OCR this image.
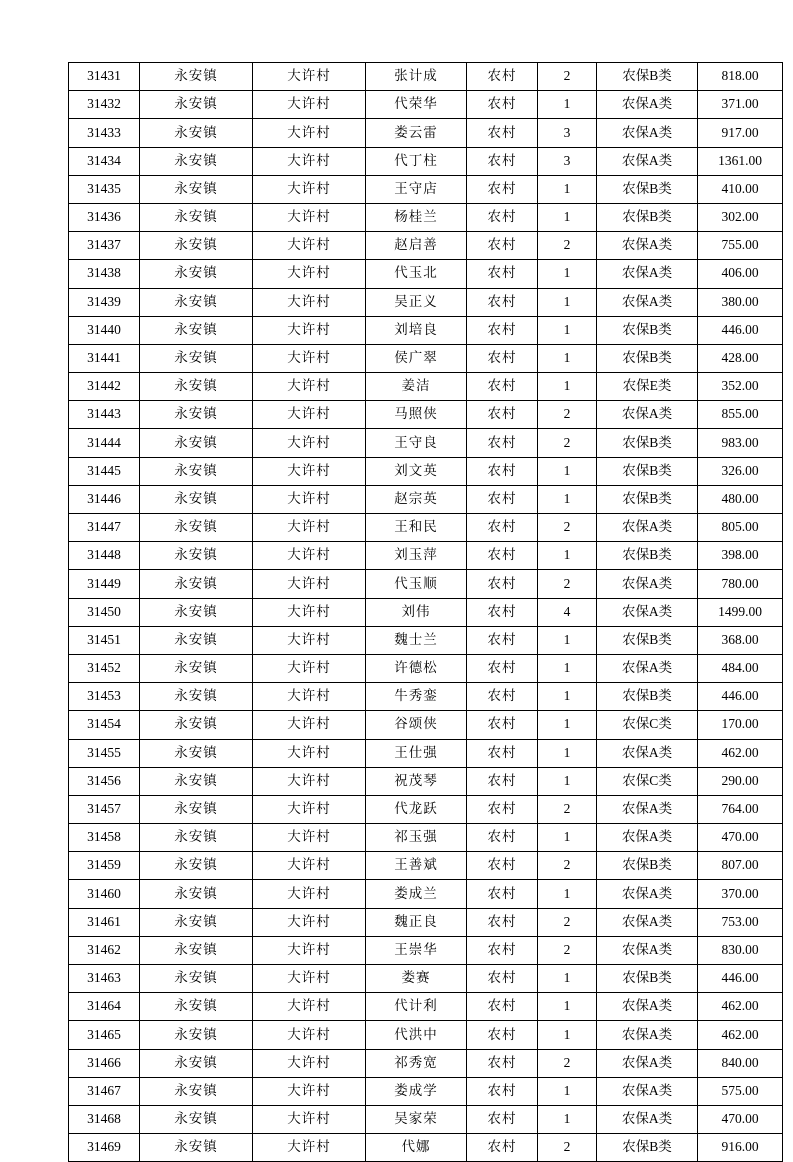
31431	永安镇	大许村	张计成	农村	2	农保B类	818.00
31432	永安镇	大许村	代荣华	农村	1	农保A类	371.00
31433	永安镇	大许村	娄云雷	农村	3	农保A类	917.00
31434	永安镇	大许村	代丁柱	农村	3	农保A类	1361.00
31435	永安镇	大许村	王守店	农村	1	农保B类	410.00
31436	永安镇	大许村	杨桂兰	农村	1	农保B类	302.00
31437	永安镇	大许村	赵启善	农村	2	农保A类	755.00
31438	永安镇	大许村	代玉北	农村	1	农保A类	406.00
31439	永安镇	大许村	吴正义	农村	1	农保A类	380.00
31440	永安镇	大许村	刘培良	农村	1	农保B类	446.00
31441	永安镇	大许村	侯广翠	农村	1	农保B类	428.00
31442	永安镇	大许村	姜洁	农村	1	农保E类	352.00
31443	永安镇	大许村	马照侠	农村	2	农保A类	855.00
31444	永安镇	大许村	王守良	农村	2	农保B类	983.00
31445	永安镇	大许村	刘文英	农村	1	农保B类	326.00
31446	永安镇	大许村	赵宗英	农村	1	农保B类	480.00
31447	永安镇	大许村	王和民	农村	2	农保A类	805.00
31448	永安镇	大许村	刘玉萍	农村	1	农保B类	398.00
31449	永安镇	大许村	代玉顺	农村	2	农保A类	780.00
31450	永安镇	大许村	刘伟	农村	4	农保A类	1499.00
31451	永安镇	大许村	魏士兰	农村	1	农保B类	368.00
31452	永安镇	大许村	许德松	农村	1	农保A类	484.00
31453	永安镇	大许村	牛秀銮	农村	1	农保B类	446.00
31454	永安镇	大许村	谷颂侠	农村	1	农保C类	170.00
31455	永安镇	大许村	王仕强	农村	1	农保A类	462.00
31456	永安镇	大许村	祝茂琴	农村	1	农保C类	290.00
31457	永安镇	大许村	代龙跃	农村	2	农保A类	764.00
31458	永安镇	大许村	祁玉强	农村	1	农保A类	470.00
31459	永安镇	大许村	王善斌	农村	2	农保B类	807.00
31460	永安镇	大许村	娄成兰	农村	1	农保A类	370.00
31461	永安镇	大许村	魏正良	农村	2	农保A类	753.00
31462	永安镇	大许村	王崇华	农村	2	农保A类	830.00
31463	永安镇	大许村	娄赛	农村	1	农保B类	446.00
31464	永安镇	大许村	代计利	农村	1	农保A类	462.00
31465	永安镇	大许村	代洪中	农村	1	农保A类	462.00
31466	永安镇	大许村	祁秀宽	农村	2	农保A类	840.00
31467	永安镇	大许村	娄成学	农村	1	农保A类	575.00
31468	永安镇	大许村	吴家荣	农村	1	农保A类	470.00
31469	永安镇	大许村	代娜	农村	2	农保B类	916.00
